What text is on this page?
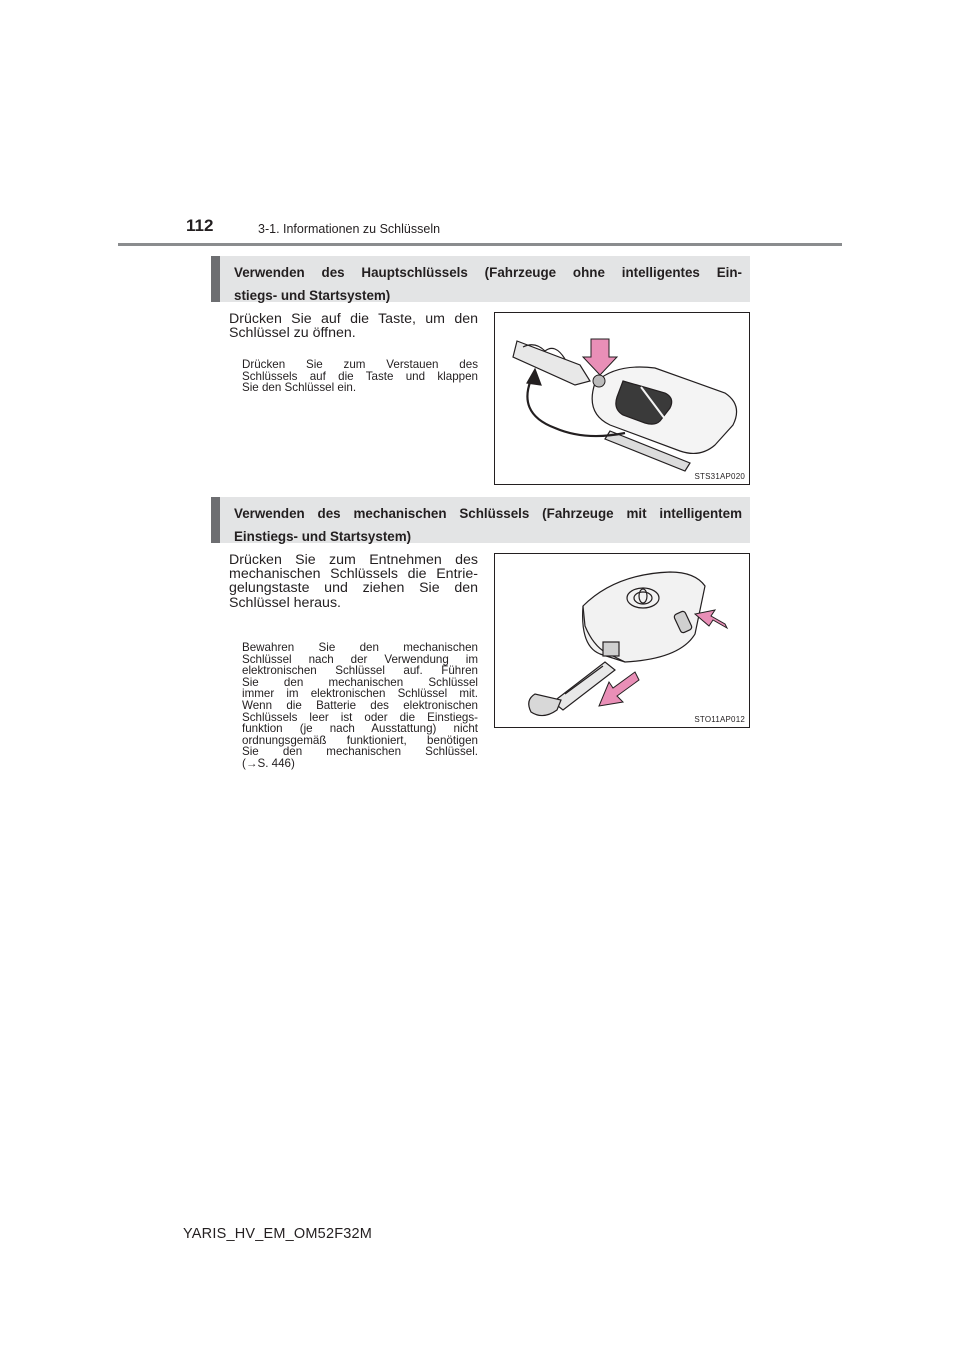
112	3-1. Informationen zu Schlüsseln
Verwenden des Hauptschlüssels (Fahrzeuge ohne intelligentes Ein-
stiegs- und Startsystem)
Drücken Sie auf die Taste, um den
Schlüssel zu öffnen.
Drücken Sie zum Verstauen des
Schlüssels auf die Taste und klappen
Sie den Schlüssel ein.
STS31AP020
Verwenden des mechanischen Schlüssels (Fahrzeuge mit intelligentem
Einstiegs- und Startsystem)
Drücken Sie zum Entnehmen des
mechanischen Schlüssels die Entrie-
gelungstaste und ziehen Sie den
Schlüssel heraus.
Bewahren Sie den mechanischen
Schlüssel nach der Verwendung im
elektronischen Schlüssel auf. Führen
Sie den mechanischen Schlüssel
immer im elektronischen Schlüssel mit.
Wenn die Batterie des elektronischen
Schlüssels leer ist oder die Einstiegs-
funktion (je nach Ausstattung) nicht
ordnungsgemäß funktioniert, benötigen
Sie den mechanischen Schlüssel.
(→S. 446)
STO11AP012
YARIS_HV_EM_OM52F32M
